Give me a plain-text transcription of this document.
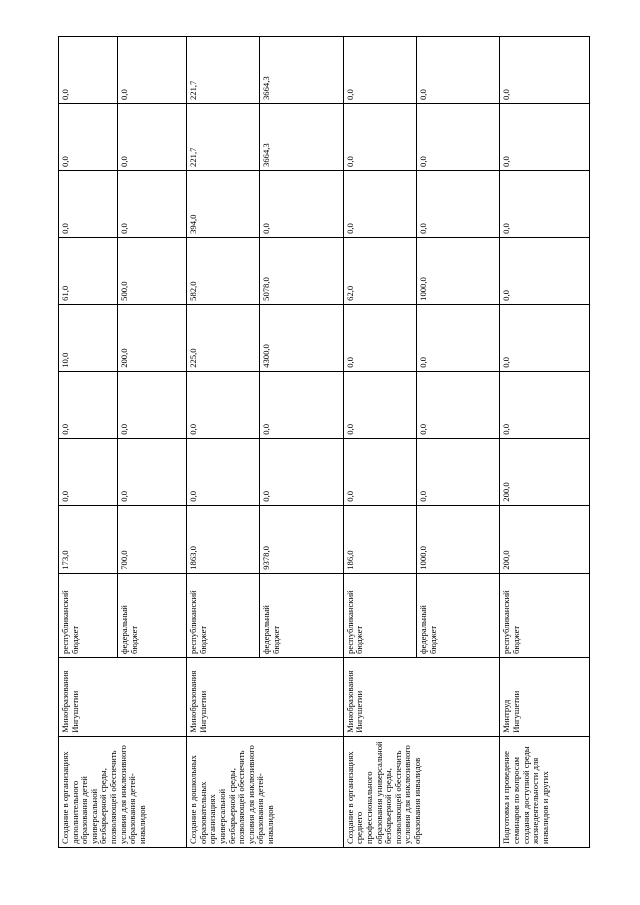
Создание в организациях дополнительного образования детей универсальной безбарьерной среды, позволяющей обеспечить условия для инклюзивного образования детей-инвалидов	Минобразования Ингушетии	республиканский бюджет	173,0	0,0	0,0	10,0	61,0	0,0	0,0	0,0
		федеральный бюджет	700,0	0,0	0,0	200,0	500,0	0,0	0,0	0,0
Создание в дошкольных образовательных организациях универсальной безбарьерной среды, позволяющей обеспечить условия для инклюзивного образования детей-инвалидов	Минобразования Ингушетии	республиканский бюджет	1863,0	0,0	0,0	225,0	582,0	394,0	221,7	221,7
		федеральный бюджет	9378,0	0,0	0,0	4300,0	5078,0	0,0	3664,3	3664,3
Создание в организациях среднего профессионального образования универсальной безбарьерной среды, позволяющей обеспечить условия для инклюзивного образования инвалидов	Минобразования Ингушетии	республиканский бюджет	186,0	0,0	0,0	0,0	62,0	0,0	0,0	0,0
		федеральный бюджет	1000,0	0,0	0,0	0,0	1000,0	0,0	0,0	0,0
Подготовка и проведение семинаров по вопросам создания доступной среды жизнедеятельности для инвалидов и других	Минтруд Ингушетии	республиканский бюджет	200,0	200,0	0,0	0,0	0,0	0,0	0,0	0,0
